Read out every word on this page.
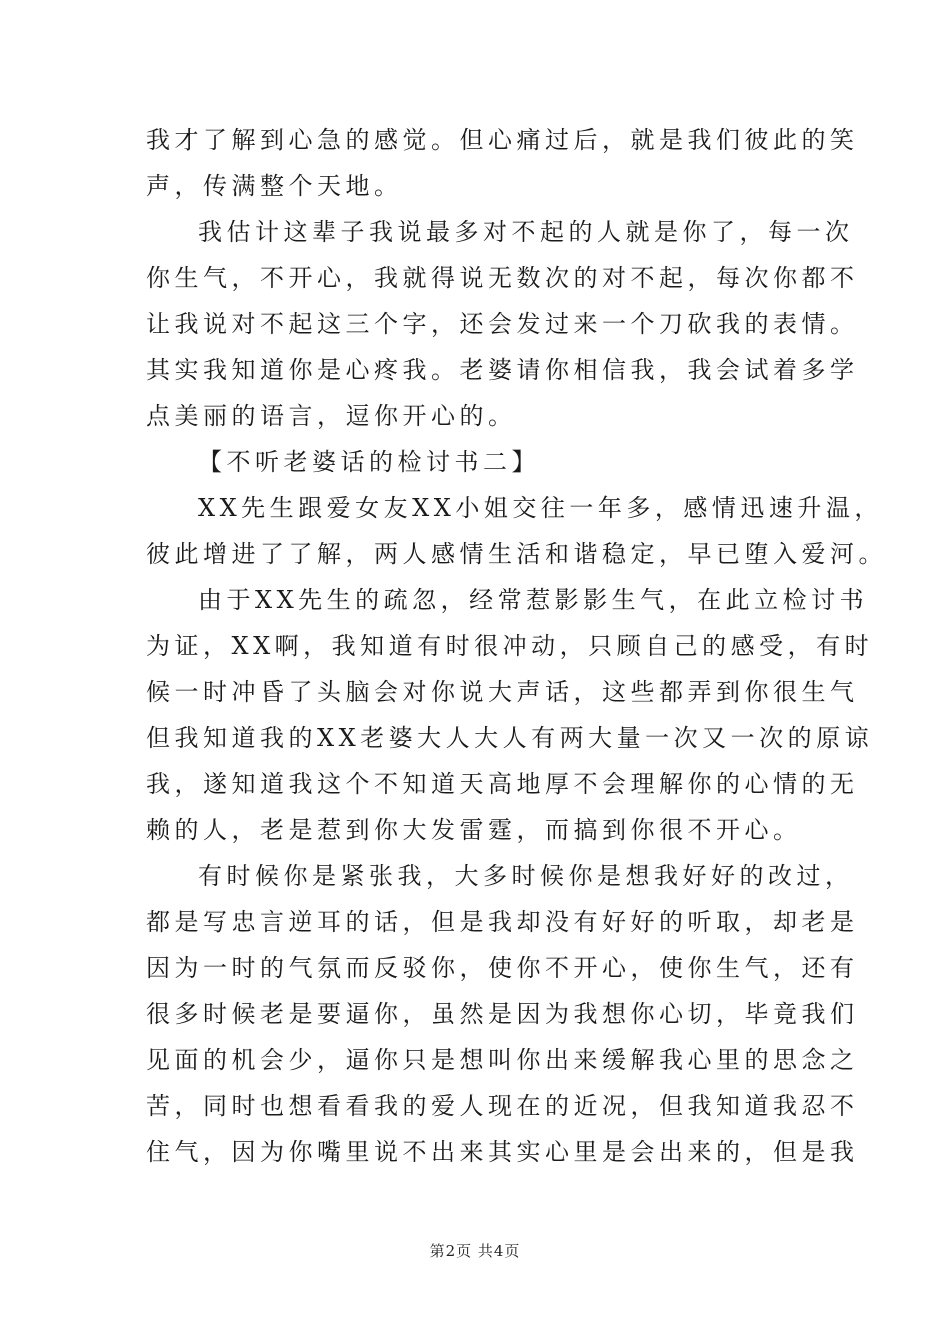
我才了解到心急的感觉。但心痛过后，就是我们彼此的笑
声，传满整个天地。
我估计这辈子我说最多对不起的人就是你了，每一次
你生气，不开心，我就得说无数次的对不起，每次你都不
让我说对不起这三个字，还会发过来一个刀砍我的表情。
其实我知道你是心疼我。老婆请你相信我，我会试着多学
点美丽的语言，逗你开心的。
【不听老婆话的检讨书二】
XX先生跟爱女友XX小姐交往一年多，感情迅速升温，
彼此增进了了解，两人感情生活和谐稳定，早已堕入爱河。
由于XX先生的疏忽，经常惹影影生气，在此立检讨书
为证，XX啊，我知道有时很冲动，只顾自己的感受，有时
候一时冲昏了头脑会对你说大声话，这些都弄到你很生气
但我知道我的XX老婆大人大人有两大量一次又一次的原谅
我，遂知道我这个不知道天高地厚不会理解你的心情的无
赖的人，老是惹到你大发雷霆，而搞到你很不开心。
有时候你是紧张我，大多时候你是想我好好的改过，
都是写忠言逆耳的话，但是我却没有好好的听取，却老是
因为一时的气氛而反驳你，使你不开心，使你生气，还有
很多时候老是要逼你，虽然是因为我想你心切，毕竟我们
见面的机会少，逼你只是想叫你出来缓解我心里的思念之
苦，同时也想看看我的爱人现在的近况，但我知道我忍不
住气，因为你嘴里说不出来其实心里是会出来的，但是我
第2页 共4页
